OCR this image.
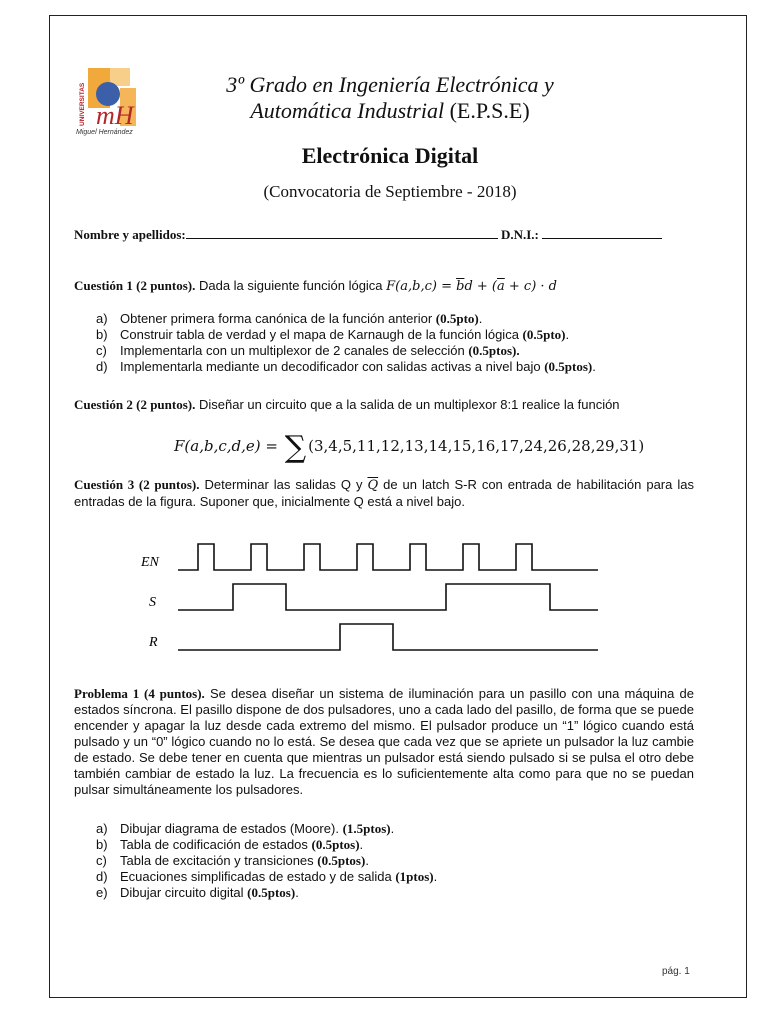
mH
UNIVERSITAS
Miguel Hernández
3º Grado en Ingeniería Electrónica y
Automática Industrial (E.P.S.E)
Electrónica Digital
(Convocatoria de Septiembre - 2018)
Nombre y apellidos:	D.N.I.:
Cuestión 1 (2 puntos). Dada la siguiente función lógica $F(a,b,c) = \overline{b}d + (\overline{a} + c) \cdot d$
a) Obtener primera forma canónica de la función anterior (0.5pto).
b) Construir tabla de verdad y el mapa de Karnaugh de la función lógica (0.5pto).
c)	Implementarla con un multiplexor de 2 canales de selección (0.5ptos).
d) Implementarla mediante un decodificador con salidas activas a nivel bajo (0.5ptos).
Cuestión 2 (2 puntos). Diseñar un circuito que a la salida de un multiplexor 8:1 realice la función
F(a,b,c,d,e) = ∑ (3,4,5,11,12,13,14,15,16,17,24,26,28,29,31)
Cuestión 3 (2 puntos). Determinar las salidas Q y $\overline{Q}$ de un latch S-R con entrada de habilitación para las entradas de la figura. Suponer que, inicialmente Q está a nivel bajo.
EN
S
R
Problema 1 (4 puntos). Se desea diseñar un sistema de iluminación para un pasillo con una máquina de estados síncrona. El pasillo dispone de dos pulsadores, uno a cada lado del pasillo, de forma que se puede encender y apagar la luz desde cada extremo del mismo. El pulsador produce un “1” lógico cuando está pulsado y un “0” lógico cuando no lo está. Se desea que cada vez que se apriete un pulsador la luz cambie de estado. Se debe tener en cuenta que mientras un pulsador está siendo pulsado si se pulsa el otro debe también cambiar de estado la luz. La frecuencia es lo suficientemente alta como para que no se puedan pulsar simultáneamente los pulsadores.
a) Dibujar diagrama de estados (Moore). (1.5ptos).
b) Tabla de codificación de estados (0.5ptos).
c)	Tabla de excitación y transiciones (0.5ptos).
d) Ecuaciones simplificadas de estado y de salida (1ptos).
e) Dibujar circuito digital (0.5ptos).
pág. 1
